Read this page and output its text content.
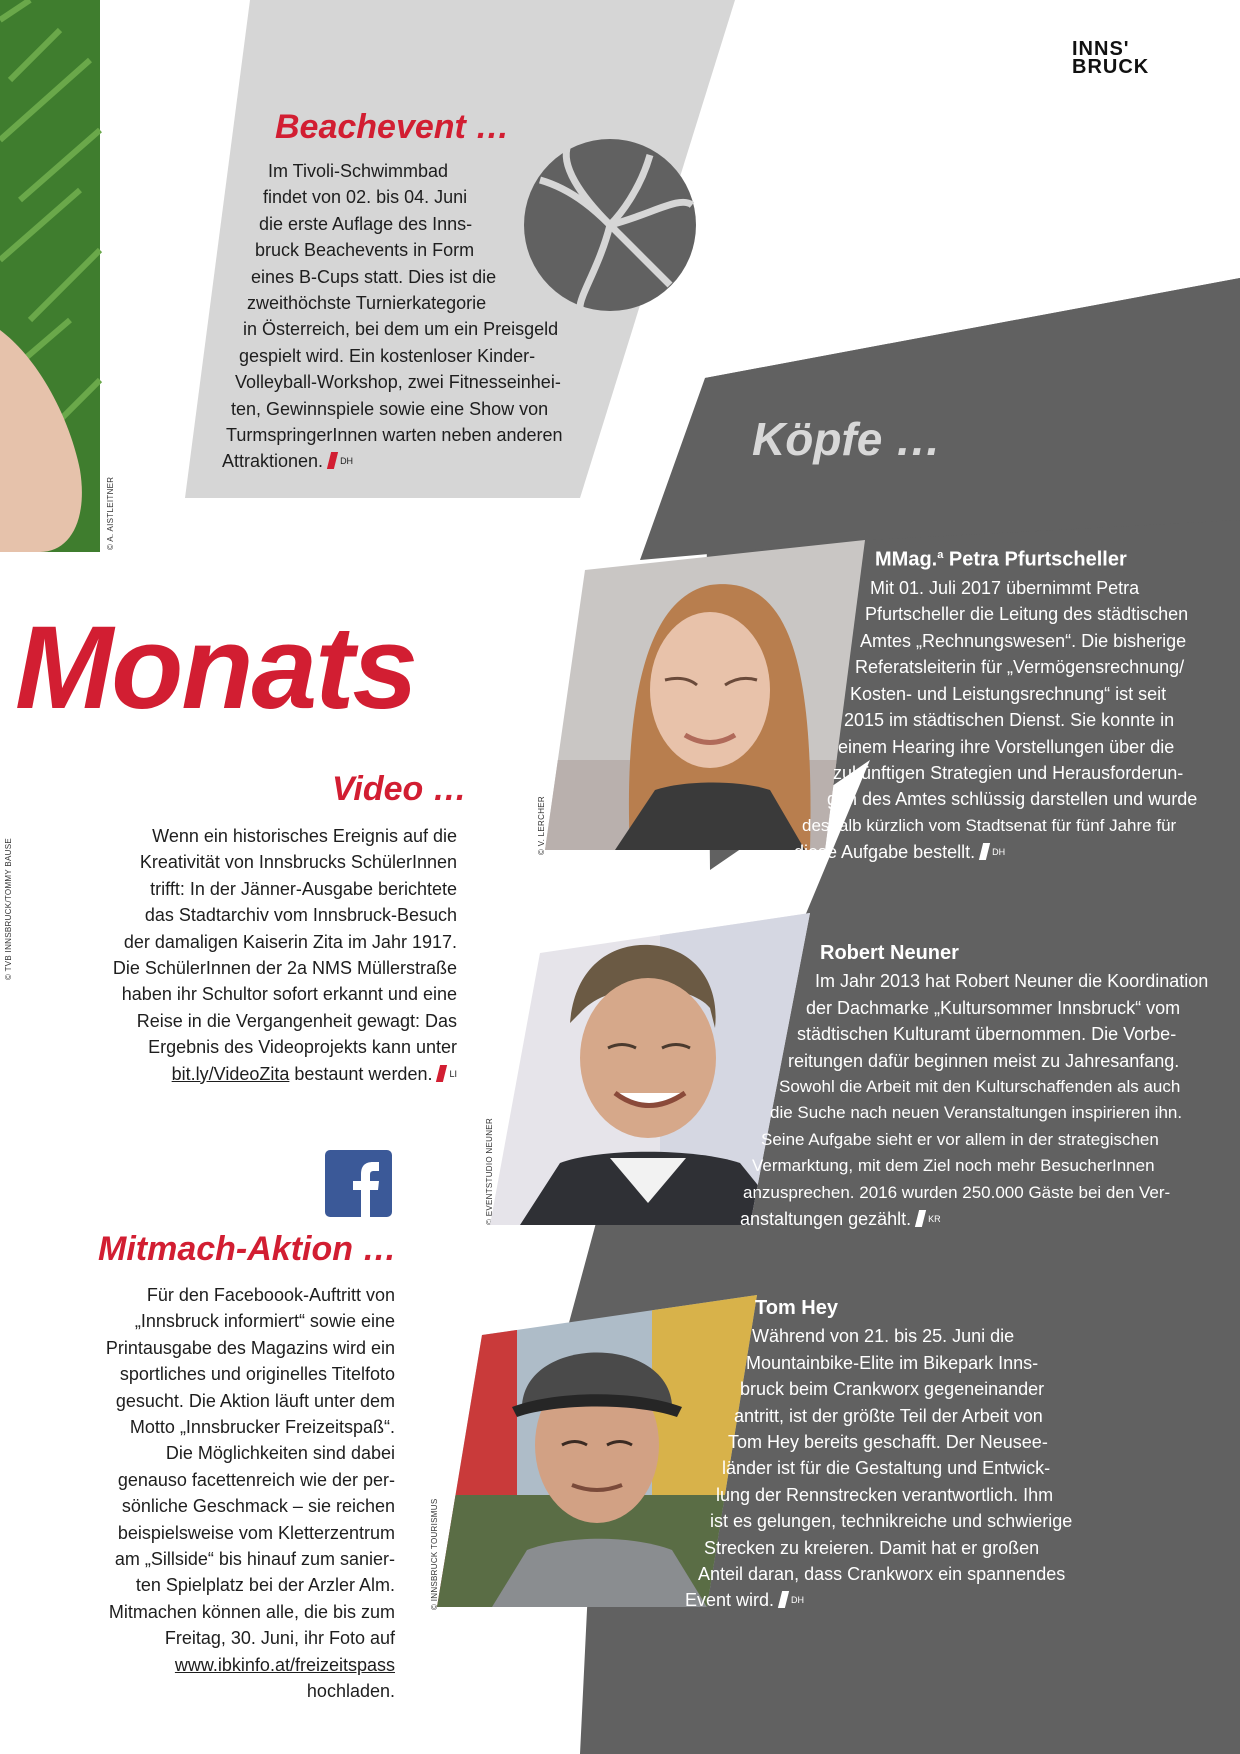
INNS'
BRUCK
© A. AISTLEITNER
© TVB INNSBRUCK/TOMMY BAUSE
© V. LERCHER
© EVENTSTUDIO NEUNER
© INNSBRUCK TOURISMUS
Beachevent …
Im Tivoli-Schwimmbad
findet von 02. bis 04. Juni
die erste Auflage des Inns-
bruck Beachevents in Form
eines B-Cups statt. Dies ist die
zweithöchste Turnierkategorie
in Österreich, bei dem um ein Preisgeld
gespielt wird. Ein kostenloser Kinder-
Volleyball-Workshop, zwei Fitnesseinhei-
ten, Gewinnspiele sowie eine Show von
TurmspringerInnen warten neben anderen
Attraktionen. $^{DH}$
Monats
Video …
Wenn ein historisches Ereignis auf die
Kreativität von Innsbrucks SchülerInnen
trifft: In der Jänner-Ausgabe berichtete
das Stadtarchiv vom Innsbruck-Besuch
der damaligen Kaiserin Zita im Jahr 1917.
Die SchülerInnen der 2a NMS Müllerstraße
haben ihr Schultor sofort erkannt und eine
Reise in die Vergangenheit gewagt: Das
Ergebnis des Videoprojekts kann unter
bit.ly/VideoZita bestaunt werden. $^{LI}$
Mitmach-Aktion …
Für den Faceboook-Auftritt von
„Innsbruck informiert“ sowie eine
Printausgabe des Magazins wird ein
sportliches und originelles Titelfoto
gesucht. Die Aktion läuft unter dem
Motto „Innsbrucker Freizeitspaß“.
Die Möglichkeiten sind dabei
genauso facettenreich wie der per-
sönliche Geschmack – sie reichen
beispielsweise vom Kletterzentrum
am „Sillside“ bis hinauf zum sanier-
ten Spielplatz bei der Arzler Alm.
Mitmachen können alle, die bis zum
Freitag, 30. Juni, ihr Foto auf
www.ibkinfo.at/freizeitspass
hochladen.
Köpfe …
MMag.$^a$ Petra Pfurtscheller
Mit 01. Juli 2017 übernimmt Petra
Pfurtscheller die Leitung des städtischen
Amtes „Rechnungswesen“. Die bisherige
Referatsleiterin für „Vermögensrechnung/
Kosten- und Leistungsrechnung“ ist seit
2015 im städtischen Dienst. Sie konnte in
einem Hearing ihre Vorstellungen über die
zukünftigen Strategien und Herausforderun-
gen des Amtes schlüssig darstellen und wurde
deshalb kürzlich vom Stadtsenat für fünf Jahre für
diese Aufgabe bestellt. $^{DH}$
Robert Neuner
Im Jahr 2013 hat Robert Neuner die Koordination
der Dachmarke „Kultursommer Innsbruck“ vom
städtischen Kulturamt übernommen. Die Vorbe-
reitungen dafür beginnen meist zu Jahresanfang.
Sowohl die Arbeit mit den Kulturschaffenden als auch
die Suche nach neuen Veranstaltungen inspirieren ihn.
Seine Aufgabe sieht er vor allem in der strategischen
Vermarktung, mit dem Ziel noch mehr BesucherInnen
anzusprechen. 2016 wurden 250.000 Gäste bei den Ver-
anstaltungen gezählt. $^{KR}$
Tom Hey
Während von 21. bis 25. Juni die
Mountainbike-Elite im Bikepark Inns-
bruck beim Crankworx gegeneinander
antritt, ist der größte Teil der Arbeit von
Tom Hey bereits geschafft. Der Neusee-
länder ist für die Gestaltung und Entwick-
lung der Rennstrecken verantwortlich. Ihm
ist es gelungen, technikreiche und schwierige
Strecken zu kreieren. Damit hat er großen
Anteil daran, dass Crankworx ein spannendes
Event wird. $^{DH}$
